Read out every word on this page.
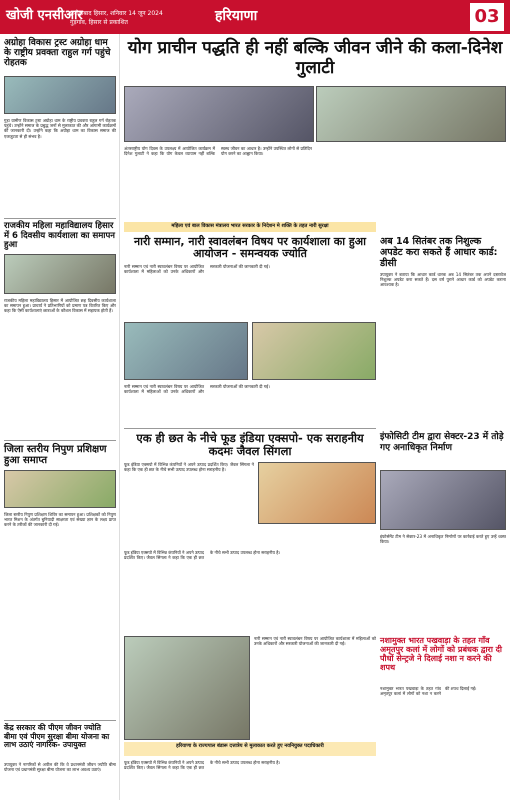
खोजी एनसीआर
फरीदाबाद हिसार, शनिवार 14 जून 2024
गुड़गांव, हिसार से प्रकाशित	हरियाणा	03
अग्रोहा विकास ट्रस्ट अग्रोहा धाम के राष्ट्रीय प्रवक्ता राहुल गर्ग पहुंचे रोहतक
गुड़ा ग्रामीण विकास ट्रस्ट अग्रोहा धाम के राष्ट्रीय प्रवक्ता राहुल गर्ग रोहतक पहुंचे। उन्होंने समाज के प्रबुद्ध जनों से मुलाकात की और आगामी कार्यक्रमों की जानकारी दी। उन्होंने कहा कि अग्रोहा धाम का विकास समाज की एकजुटता से ही संभव है।
राजकीय महिला महाविद्यालय हिसार में 6 दिवसीय कार्यशाला का समापन हुआ
राजकीय महिला महाविद्यालय हिसार में आयोजित छह दिवसीय कार्यशाला का समापन हुआ। प्राचार्य ने प्रतिभागियों को प्रमाण पत्र वितरित किए और कहा कि ऐसी कार्यशालाएं छात्राओं के कौशल विकास में सहायक होती हैं।
जिला स्तरीय निपुण प्रशिक्षण हुआ समाप्त
जिला स्तरीय निपुण प्रशिक्षण शिविर का समापन हुआ। प्रशिक्षकों को निपुण भारत मिशन के अंतर्गत बुनियादी साक्षरता एवं संख्या ज्ञान के लक्ष्य प्राप्त करने के तरीकों की जानकारी दी गई।
केंद्र सरकार की पीएम जीवन ज्योति बीमा एवं पीएम सुरक्षा बीमा योजना का लाभ उठाएं नागरिक- उपायुक्त
उपायुक्त ने नागरिकों से अपील की कि वे प्रधानमंत्री जीवन ज्योति बीमा योजना एवं प्रधानमंत्री सुरक्षा बीमा योजना का लाभ अवश्य उठाएं।
योग प्राचीन पद्धति ही नहीं बल्कि जीवन जीने की कला-दिनेश गुलाटी
अंतरराष्ट्रीय योग दिवस के उपलक्ष्य में आयोजित कार्यक्रम में दिनेश गुलाटी ने कहा कि योग केवल व्यायाम नहीं बल्कि स्वस्थ जीवन का आधार है। उन्होंने उपस्थित लोगों से प्रतिदिन योग करने का आह्वान किया।
महिला एवं बाल विकास मंत्रालय भारत सरकार के निदेशन मे शक्ति के तहत नारी सुरक्षा
नारी सम्मान, नारी स्वावलंबन विषय पर कार्यशाला का हुआ आयोजन - समन्वयक ज्योति
नारी सम्मान एवं नारी स्वावलंबन विषय पर आयोजित कार्यशाला में महिलाओं को उनके अधिकारों और सरकारी योजनाओं की जानकारी दी गई।
नारी सम्मान एवं नारी स्वावलंबन विषय पर आयोजित कार्यशाला में महिलाओं को उनके अधिकारों और सरकारी योजनाओं की जानकारी दी गई।
अब 14 सितंबर तक निशुल्क अपडेट करा सकते हैं आधार कार्ड: डीसी
उपायुक्त ने बताया कि आधार कार्ड धारक अब 14 सितंबर तक अपने दस्तावेज निशुल्क अपडेट करा सकते हैं। दस वर्ष पुराने आधार कार्ड को अपडेट कराना आवश्यक है।
एक ही छत के नीचे फूड इंडिया एक्सपो- एक सराहनीय कदमः जैवल सिंगला
फूड इंडिया एक्सपो में विभिन्न कंपनियों ने अपने उत्पाद प्रदर्शित किए। जैवल सिंगला ने कहा कि एक ही छत के नीचे सभी उत्पाद उपलब्ध होना सराहनीय है।
फूड इंडिया एक्सपो में विभिन्न कंपनियों ने अपने उत्पाद प्रदर्शित किए। जैवल सिंगला ने कहा कि एक ही छत के नीचे सभी उत्पाद उपलब्ध होना सराहनीय है।
इंफोसिटी टीम द्वारा सेक्टर-23 में तोड़े गए अनाधिकृत निर्माण
इंफोर्समेंट टीम ने सेक्टर-23 में अनाधिकृत निर्माणों पर कार्रवाई करते हुए उन्हें ध्वस्त किया।
हरियाणा के राज्यपाल बंडारू दत्तात्रेय से मुलाकात करते हुए नवनियुक्त पदाधिकारी
नारी सम्मान एवं नारी स्वावलंबन विषय पर आयोजित कार्यशाला में महिलाओं को उनके अधिकारों और सरकारी योजनाओं की जानकारी दी गई।	नशामुक्त भारत पखवाड़ा के तहत गाँव अमृतपुर कलां में लोगों को प्रबंधक द्वारा दी पौधों सेन्ट्रजे ने दिलाई नशा न करने की शपथ
नशामुक्त भारत पखवाड़ा के तहत गांव अमृतपुर कलां में लोगों को नशा न करने की शपथ दिलाई गई।
फूड इंडिया एक्सपो में विभिन्न कंपनियों ने अपने उत्पाद प्रदर्शित किए। जैवल सिंगला ने कहा कि एक ही छत के नीचे सभी उत्पाद उपलब्ध होना सराहनीय है।
